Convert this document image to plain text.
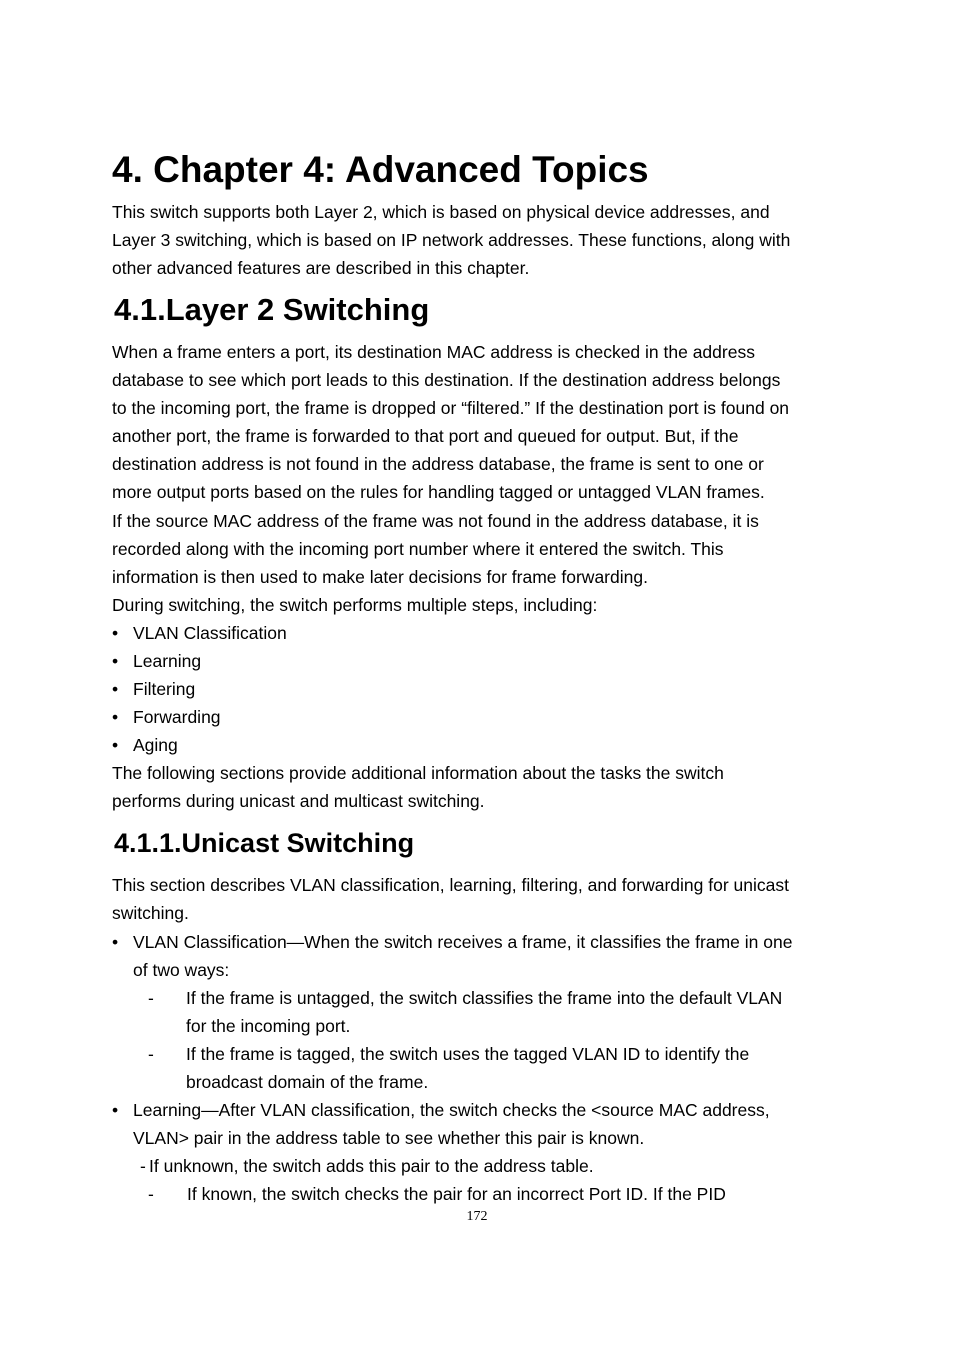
4. Chapter 4: Advanced Topics

This switch supports both Layer 2, which is based on physical device addresses, and

Layer 3 switching, which is based on IP network addresses. These functions, along with

other advanced features are described in this chapter.

4.1.Layer 2 Switching

When a frame enters a port, its destination MAC address is checked in the address

database to see which port leads to this destination. If the destination address belongs

to the incoming port, the frame is dropped or “filtered.” If the destination port is found on

another port, the frame is forwarded to that port and queued for output. But, if the

destination address is not found in the address database, the frame is sent to one or

more output ports based on the rules for handling tagged or untagged VLAN frames.

If the source MAC address of the frame was not found in the address database, it is

recorded along with the incoming port number where it entered the switch. This

information is then used to make later decisions for frame forwarding.

During switching, the switch performs multiple steps, including:

• VLAN Classification

• Learning

• Filtering

• Forwarding

• Aging

The following sections provide additional information about the tasks the switch

performs during unicast and multicast switching.

4.1.1.Unicast Switching

This section describes VLAN classification, learning, filtering, and forwarding for unicast

switching.

• VLAN Classification—When the switch receives a frame, it classifies the frame in one

of two ways:

- If the frame is untagged, the switch classifies the frame into the default VLAN

for the incoming port.

- If the frame is tagged, the switch uses the tagged VLAN ID to identify the

broadcast domain of the frame.

• Learning—After VLAN classification, the switch checks the <source MAC address,

VLAN> pair in the address table to see whether this pair is known.

- If unknown, the switch adds this pair to the address table.

- If known, the switch checks the pair for an incorrect Port ID. If the PID

172
